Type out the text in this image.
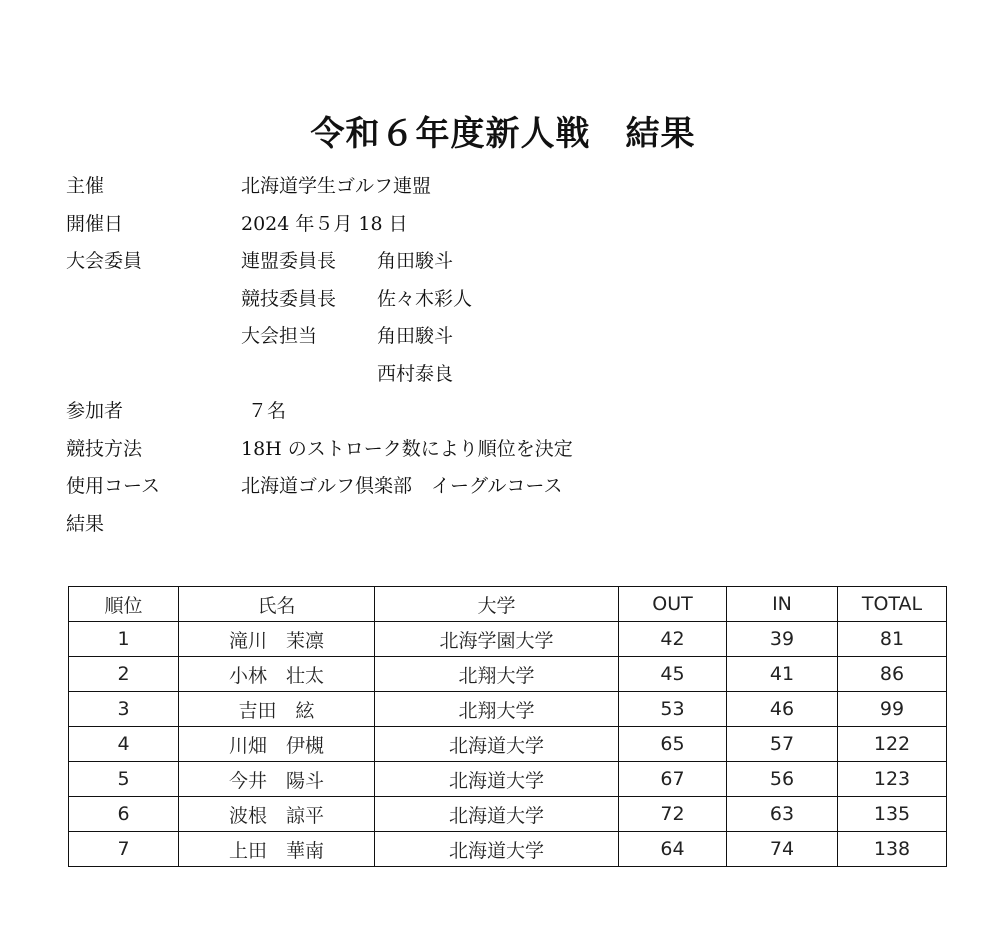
令和６年度新人戦　結果
主催	北海道学生ゴルフ連盟
開催日	2024 年５月 18 日
大会委員	連盟委員長 角田駿斗
競技委員長 佐々木彩人
大会担当	角田駿斗
西村泰良
参加者	７名
競技方法	18H のストローク数により順位を決定
使用コース	北海道ゴルフ倶楽部　イーグルコース
結果
順位	氏名	大学	OUT	IN	TOTAL
1	滝川　茉凛	北海学園大学	42	39	81
2	小林　壮太	北翔大学	45	41	86
3	吉田　絃	北翔大学	53	46	99
4	川畑　伊槻	北海道大学	65	57	122
5	今井　陽斗	北海道大学	67	56	123
6	波根　諒平	北海道大学	72	63	135
7	上田　華南	北海道大学	64	74	138
